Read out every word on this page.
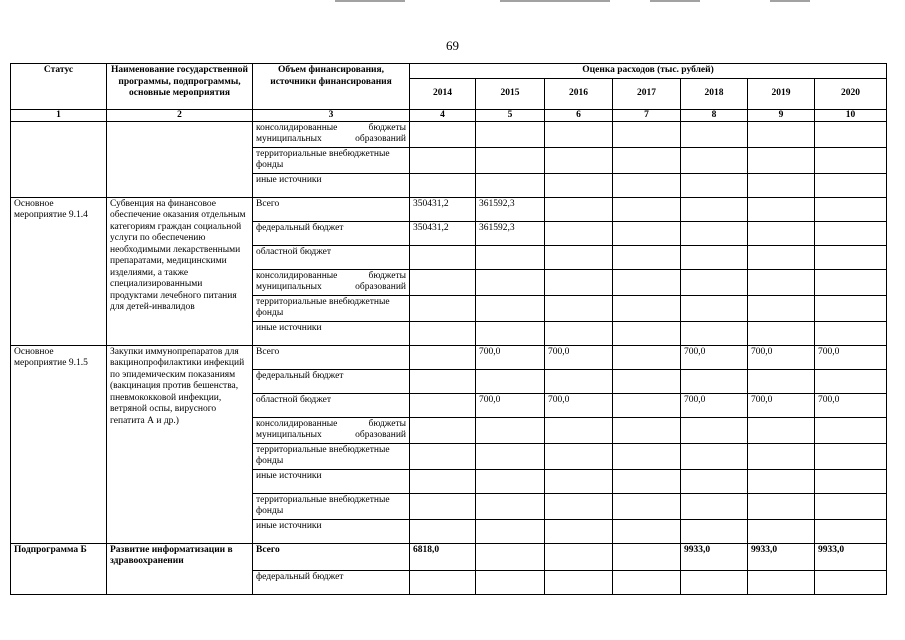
69
Статус	Наименование государственной программы, подпрограммы, основные мероприятия	Объем финансирования, источники финансирования	Оценка расходов (тыс. рублей)						
			2014	2015	2016	2017	2018	2019	2020
1	2	3	4	5	6	7	8	9	10
		консолидированные бюджеты муниципальных образований							
		территориальные внебюджетные фонды							
		иные источники							
Основное мероприятие 9.1.4	Субвенция на финансовое обеспечение оказания отдельным категориям граждан социальной услуги по обеспечению необходимыми лекарственными препаратами, медицинскими изделиями, а также специализированными продуктами лечебного питания для детей-инвалидов	Всего	350431,2	361592,3					
		федеральный бюджет	350431,2	361592,3					
		областной бюджет							
		консолидированные бюджеты муниципальных образований							
		территориальные внебюджетные фонды							
		иные источники							
Основное мероприятие 9.1.5	Закупки иммунопрепаратов для вакцинопрофилактики инфекций по эпидемическим показаниям (вакцинация против бешенства, пневмококковой инфекции, ветряной оспы, вирусного гепатита А и др.)	Всего		700,0	700,0		700,0	700,0	700,0
		федеральный бюджет							
		областной бюджет		700,0	700,0		700,0	700,0	700,0
		консолидированные бюджеты муниципальных образований							
		территориальные внебюджетные фонды							
		иные источники							
		территориальные внебюджетные фонды							
		иные источники							
Подпрограмма Б	Развитие информатизации в здравоохранении	Всего	6818,0				9933,0	9933,0	9933,0
		федеральный бюджет							
